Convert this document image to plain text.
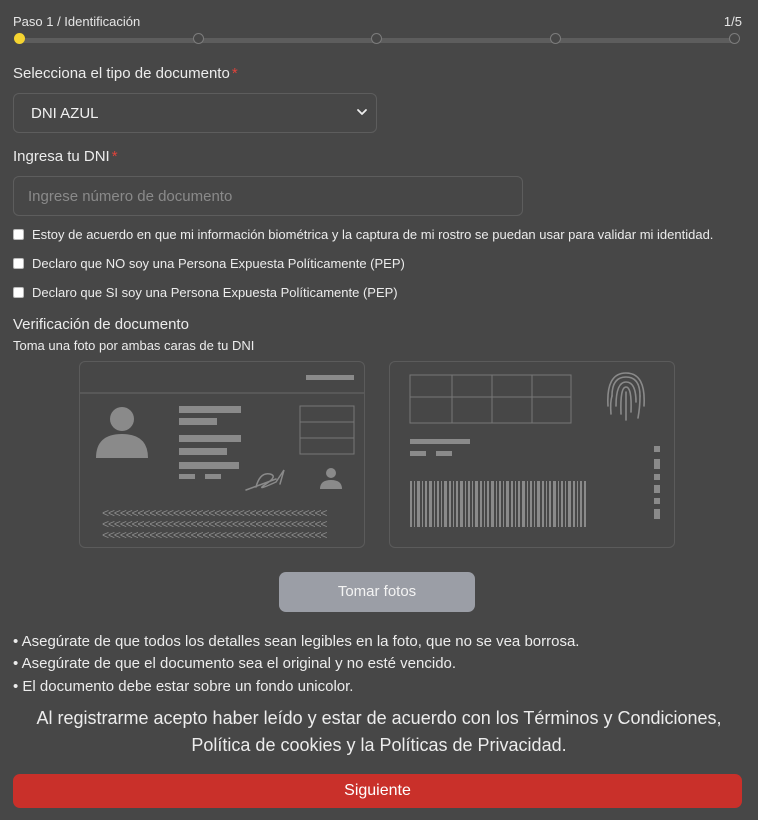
Paso 1 / Identificación	1/5
Selecciona el tipo de documento *
DNI AZUL
Ingresa tu DNI *
Ingrese número de documento
Estoy de acuerdo en que mi información biométrica y la captura de mi rostro se puedan usar para validar mi identidad.
Declaro que NO soy una Persona Expuesta Políticamente (PEP)
Declaro que SI soy una Persona Expuesta Políticamente (PEP)
Verificación de documento
Toma una foto por ambas caras de tu DNI
<<<<<<<<<<<<<<<<<<<<<<<<<<<<<<<<<<<<<<
<<<<<<<<<<<<<<<<<<<<<<<<<<<<<<<<<<<<<<
<<<<<<<<<<<<<<<<<<<<<<<<<<<<<<<<<<<<<<
Tomar fotos
• Asegúrate de que todos los detalles sean legibles en la foto, que no se vea borrosa.
• Asegúrate de que el documento sea el original y no esté vencido.
• El documento debe estar sobre un fondo unicolor.
Al registrarme acepto haber leído y estar de acuerdo con los Términos y Condiciones,
Política de cookies y la Políticas de Privacidad.
Siguiente
